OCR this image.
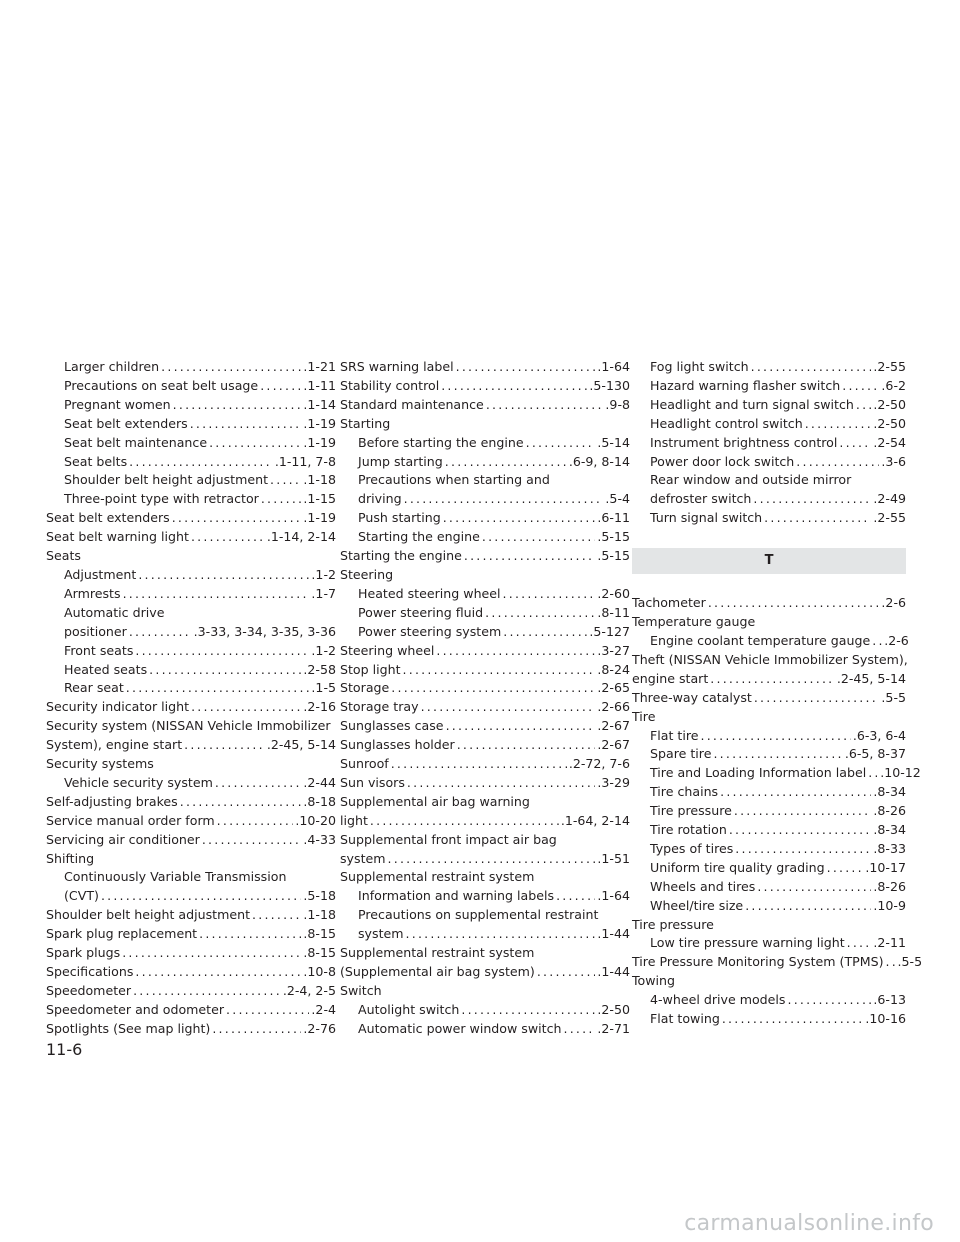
Larger children .....	.1-21
Precautions on seat belt usage .....	.1-11
Pregnant women .....	.1-14
Seat belt extenders .....	.1-19
Seat belt maintenance .....	.1-19
Seat belts .....	.1-11, 7-8
Shoulder belt height adjustment .....	.1-18
Three-point type with retractor .....	.1-15
Seat belt extenders .....	.1-19
Seat belt warning light .....	.1-14, 2-14
Seats
Adjustment .....	.1-2
Armrests .....	.1-7
Automatic drive
positioner .....	.3-33, 3-34, 3-35, 3-36
Front seats .....	.1-2
Heated seats .....	.2-58
Rear seat .....	.1-5
Security indicator light .....	.2-16
Security system (NISSAN Vehicle Immobilizer
System), engine start .....	.2-45, 5-14
Security systems
Vehicle security system .....	.2-44
Self-adjusting brakes .....	.8-18
Service manual order form .....	.10-20
Servicing air conditioner .....	.4-33
Shifting
Continuously Variable Transmission
(CVT) .....	.5-18
Shoulder belt height adjustment .....	.1-18
Spark plug replacement .....	.8-15
Spark plugs .....	.8-15
Specifications .....	.10-8
Speedometer .....	.2-4, 2-5
Speedometer and odometer .....	.2-4
Spotlights (See map light) .....	.2-76
SRS warning label .....	.1-64
Stability control .....	.5-130
Standard maintenance .....	.9-8
Starting
Before starting the engine .....	.5-14
Jump starting .....	.6-9, 8-14
Precautions when starting and
driving .....	.5-4
Push starting .....	.6-11
Starting the engine .....	.5-15
Starting the engine .....	.5-15
Steering
Heated steering wheel .....	.2-60
Power steering fluid .....	.8-11
Power steering system .....	.5-127
Steering wheel .....	.3-27
Stop light .....	.8-24
Storage .....	.2-65
Storage tray .....	.2-66
Sunglasses case .....	.2-67
Sunglasses holder .....	.2-67
Sunroof .....	.2-72, 7-6
Sun visors .....	.3-29
Supplemental air bag warning
light .....	.1-64, 2-14
Supplemental front impact air bag
system .....	.1-51
Supplemental restraint system
Information and warning labels .....	.1-64
Precautions on supplemental restraint
system .....	.1-44
Supplemental restraint system
(Supplemental air bag system) .....	.1-44
Switch
Autolight switch .....	.2-50
Automatic power window switch .....	.2-71
Fog light switch .....	.2-55
Hazard warning flasher switch .....	.6-2
Headlight and turn signal switch ..... .2-50
Headlight control switch .....	.2-50
Instrument brightness control .....	.2-54
Power door lock switch .....	.3-6
Rear window and outside mirror
defroster switch .....	.2-49
Turn signal switch .....	.2-55
T
Tachometer .....	.2-6
Temperature gauge
Engine coolant temperature gauge ..... .2-6
Theft (NISSAN Vehicle Immobilizer System),
engine start .....	.2-45, 5-14
Three-way catalyst .....	.5-5
Tire
Flat tire .....	.6-3, 6-4
Spare tire .....	.6-5, 8-37
Tire and Loading Information label ..... .10-12
Tire chains .....	.8-34
Tire pressure .....	.8-26
Tire rotation .....	.8-34
Types of tires .....	.8-33
Uniform tire quality grading .....	.10-17
Wheels and tires .....	.8-26
Wheel/tire size .....	.10-9
Tire pressure
Low tire pressure warning light ..... .2-11
Tire Pressure Monitoring System (TPMS) ..... .5-5
Towing
4-wheel drive models .....	.6-13
Flat towing .....	.10-16
11-6
carmanualsonline.info
